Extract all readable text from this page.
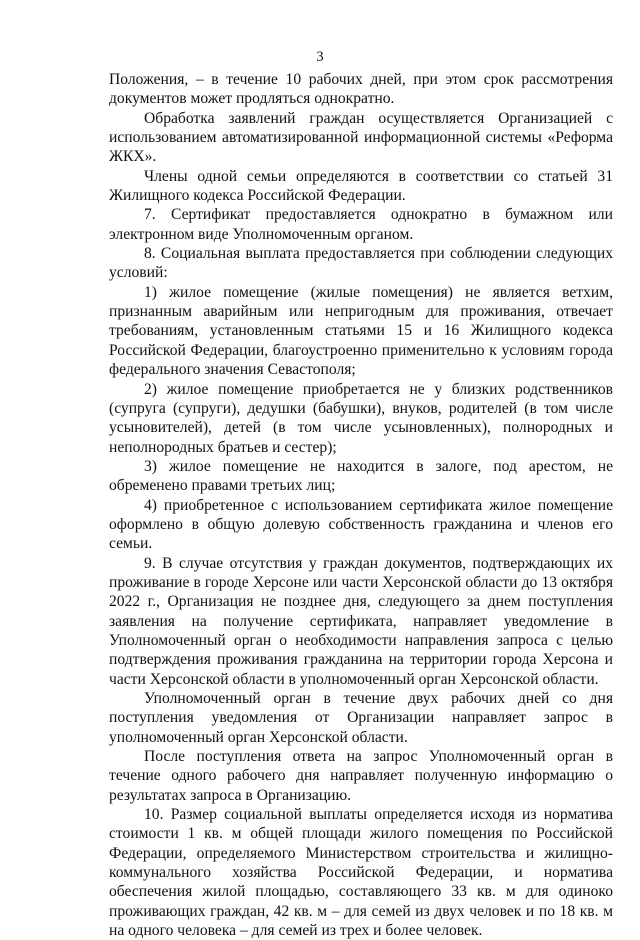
3

Положения, – в течение 10 рабочих дней, при этом срок рассмотрения документов может продляться однократно.

Обработка заявлений граждан осуществляется Организацией с использованием автоматизированной информационной системы «Реформа ЖКХ».

Члены одной семьи определяются в соответствии со статьей 31 Жилищного кодекса Российской Федерации.

7. Сертификат предоставляется однократно в бумажном или электронном виде Уполномоченным органом.

8. Социальная выплата предоставляется при соблюдении следующих условий:

1) жилое помещение (жилые помещения) не является ветхим, признанным аварийным или непригодным для проживания, отвечает требованиям, установленным статьями 15 и 16 Жилищного кодекса Российской Федерации, благоустроенно применительно к условиям города федерального значения Севастополя;

2) жилое помещение приобретается не у близких родственников (супруга (супруги), дедушки (бабушки), внуков, родителей (в том числе усыновителей), детей (в том числе усыновленных), полнородных и неполнородных братьев и сестер);

3) жилое помещение не находится в залоге, под арестом, не обременено правами третьих лиц;

4) приобретенное с использованием сертификата жилое помещение оформлено в общую долевую собственность гражданина и членов его семьи.

9. В случае отсутствия у граждан документов, подтверждающих их проживание в городе Херсоне или части Херсонской области до 13 октября 2022 г., Организация не позднее дня, следующего за днем поступления заявления на получение сертификата, направляет уведомление в Уполномоченный орган о необходимости направления запроса с целью подтверждения проживания гражданина на территории города Херсона и части Херсонской области в уполномоченный орган Херсонской области.

Уполномоченный орган в течение двух рабочих дней со дня поступления уведомления от Организации направляет запрос в уполномоченный орган Херсонской области.

После поступления ответа на запрос Уполномоченный орган в течение одного рабочего дня направляет полученную информацию о результатах запроса в Организацию.

10. Размер социальной выплаты определяется исходя из норматива стоимости 1 кв. м общей площади жилого помещения по Российской Федерации, определяемого Министерством строительства и жилищно-коммунального хозяйства Российской Федерации, и норматива обеспечения жилой площадью, составляющего 33 кв. м для одиноко проживающих граждан, 42 кв. м – для семей из двух человек и по 18 кв. м на одного человека – для семей из трех и более человек.
